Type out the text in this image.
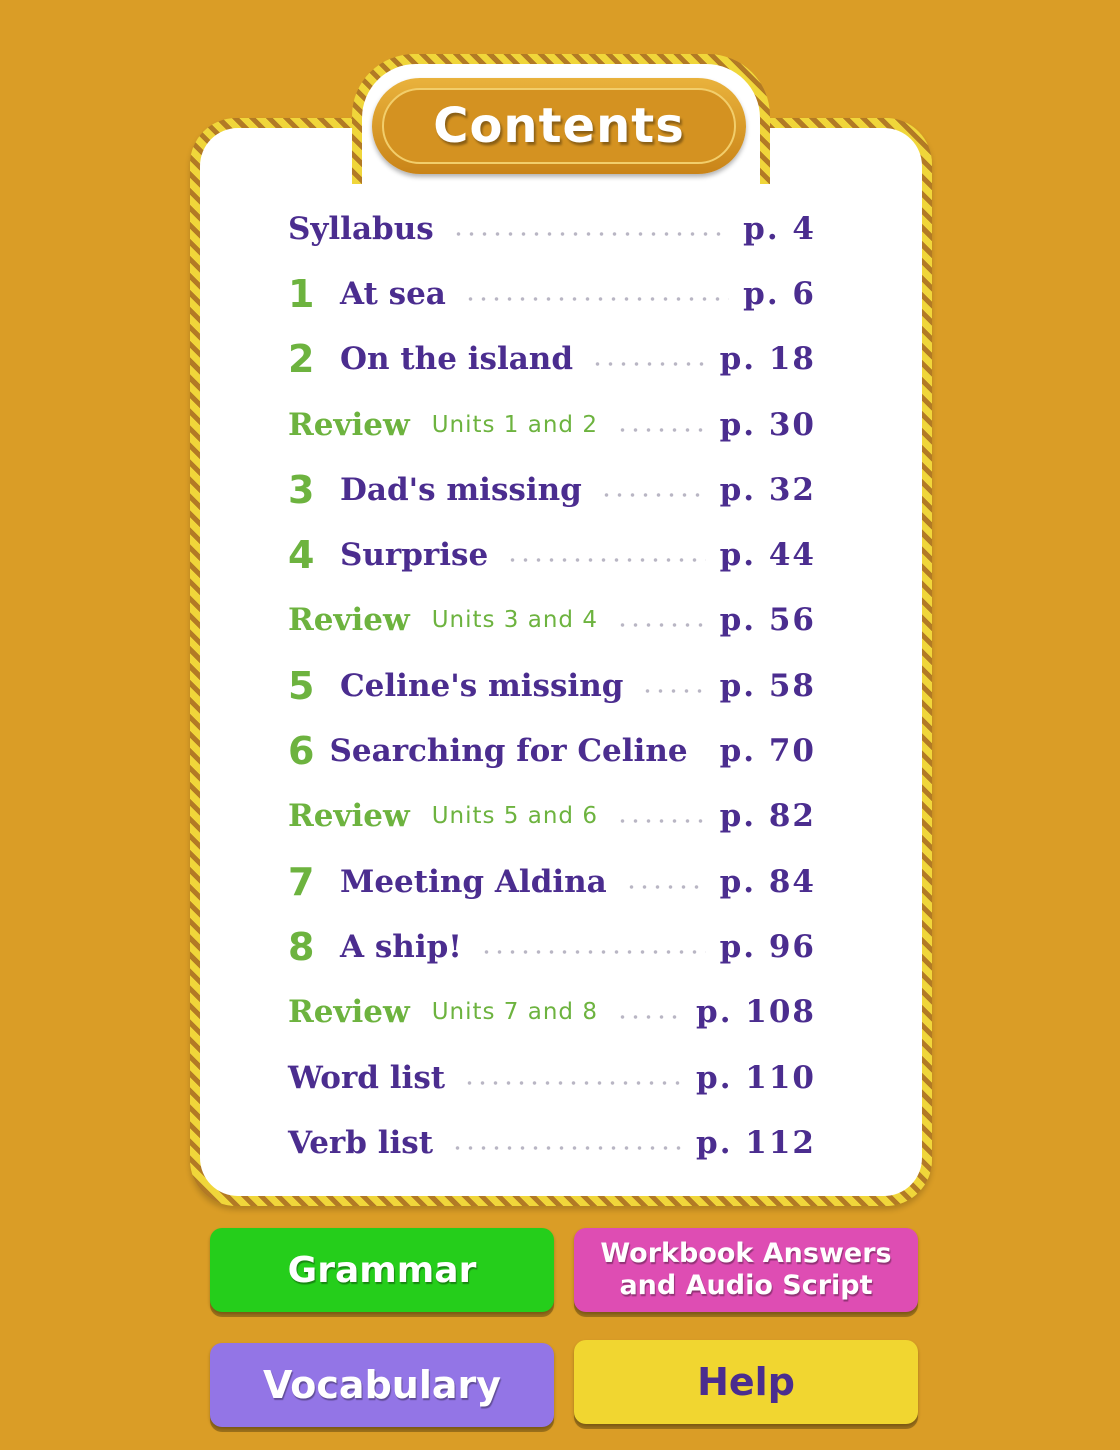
Contents
Syllabus	p. 4
1 At sea	p. 6
2 On the island	p. 18
Review Units 1 and 2	p. 30
3 Dad's missing	p. 32
4 Surprise	p. 44
Review Units 3 and 4	p. 56
5 Celine's missing	p. 58
6 Searching for Celine p. 70
Review Units 5 and 6	p. 82
7 Meeting Aldina	p. 84
8 A ship!	p. 96
Review Units 7 and 8	p. 108
Word list	p. 110
Verb list	p. 112
Grammar	Workbook Answers
and Audio Script
Vocabulary	Help
